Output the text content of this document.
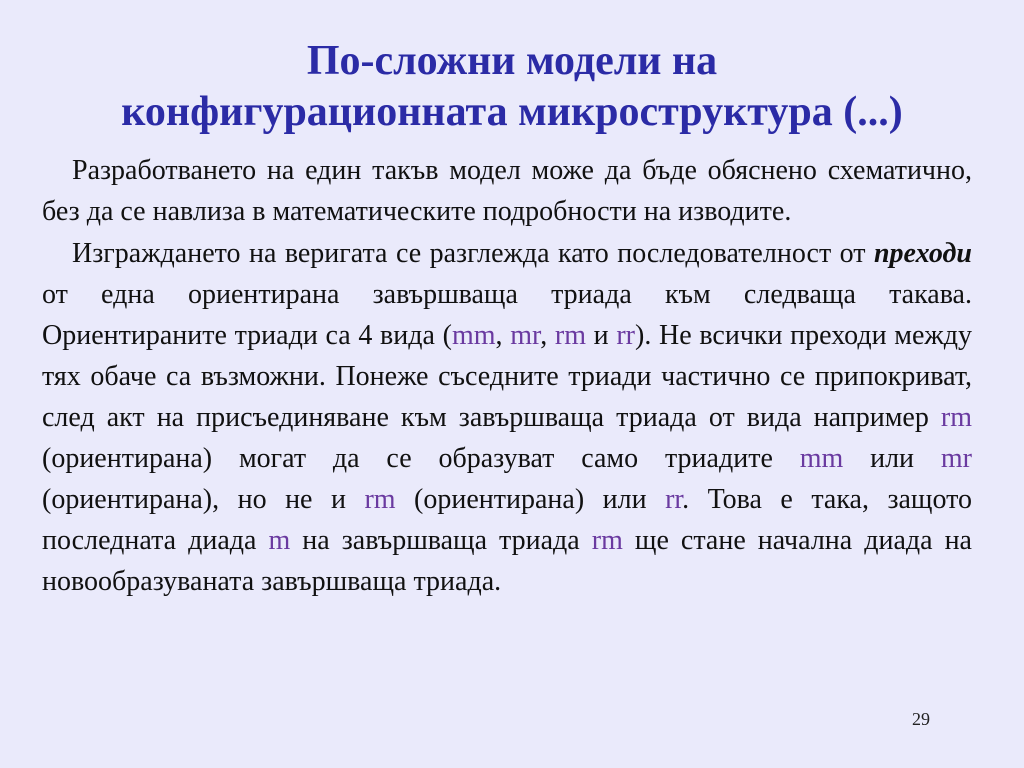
По-сложни модели на
конфигурационната микроструктура (...)

Разработването на един такъв модел може да бъде обяснено схематично, без да се навлиза в математическите подробности на изводите.

Изграждането на веригата се разглежда като последователност от преходи от една ориентирана завършваща триада към следваща такава. Ориентираните триади са 4 вида (mm, mr, rm и rr). Не всички преходи между тях обаче са възможни. Понеже съседните триади частично се припокриват, след акт на присъединяване към завършваща триада от вида например rm (ориентирана) могат да се образуват само триадите mm или mr (ориентирана), но не и rm (ориентирана) или rr. Това е така, защото последната диада m на завършваща триада rm ще стане начална диада на новообразуваната завършваща триада.

29
